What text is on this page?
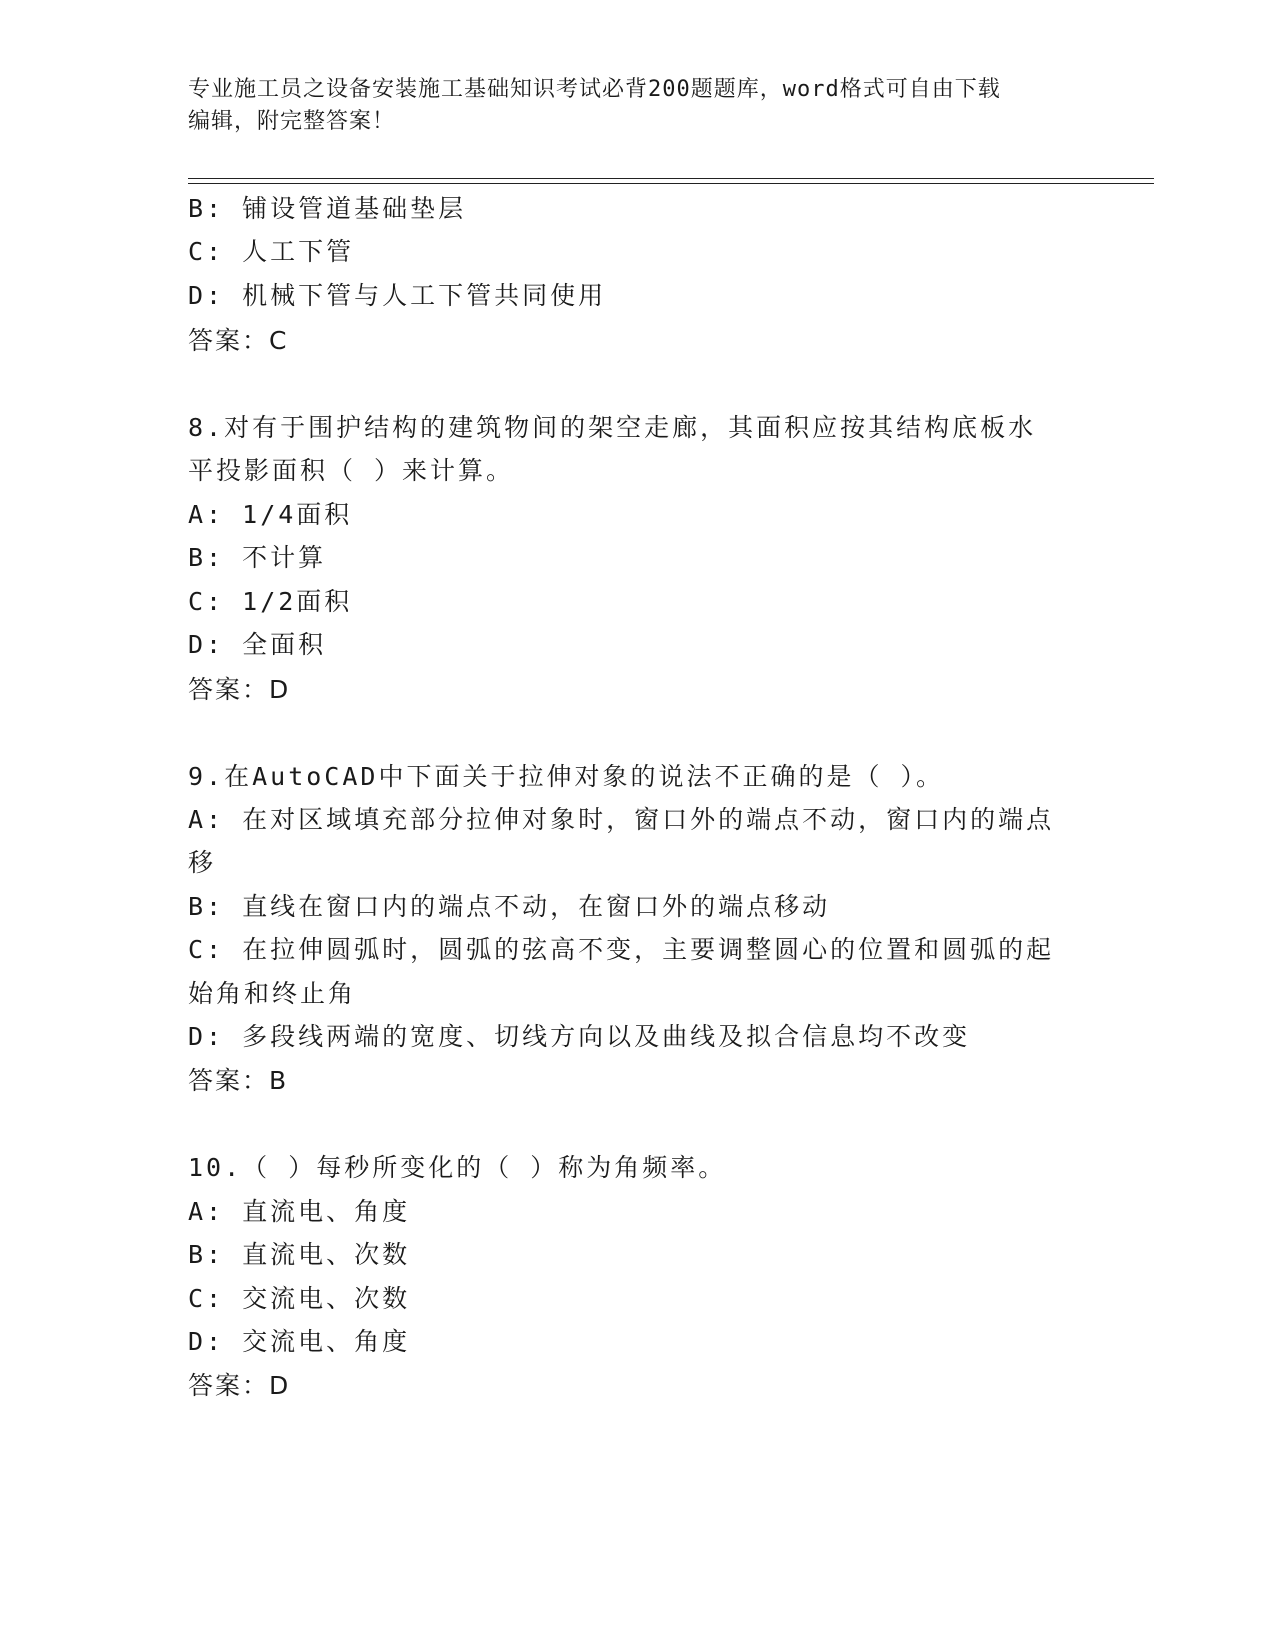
专业施工员之设备安装施工基础知识考试必背200题题库，word格式可自由下载
编辑，附完整答案！
B: 铺设管道基础垫层
C: 人工下管
D: 机械下管与人工下管共同使用
答案：C
8.对有于围护结构的建筑物间的架空走廊，其面积应按其结构底板水
平投影面积（ ）来计算。
A: 1/4面积
B: 不计算
C: 1/2面积
D: 全面积
答案：D
9.在AutoCAD中下面关于拉伸对象的说法不正确的是（ ）。
A: 在对区域填充部分拉伸对象时，窗口外的端点不动，窗口内的端点
移
B: 直线在窗口内的端点不动，在窗口外的端点移动
C: 在拉伸圆弧时，圆弧的弦高不变，主要调整圆心的位置和圆弧的起
始角和终止角
D: 多段线两端的宽度、切线方向以及曲线及拟合信息均不改变
答案：B
10.（ ）每秒所变化的（ ）称为角频率。
A: 直流电、角度
B: 直流电、次数
C: 交流电、次数
D: 交流电、角度
答案：D
